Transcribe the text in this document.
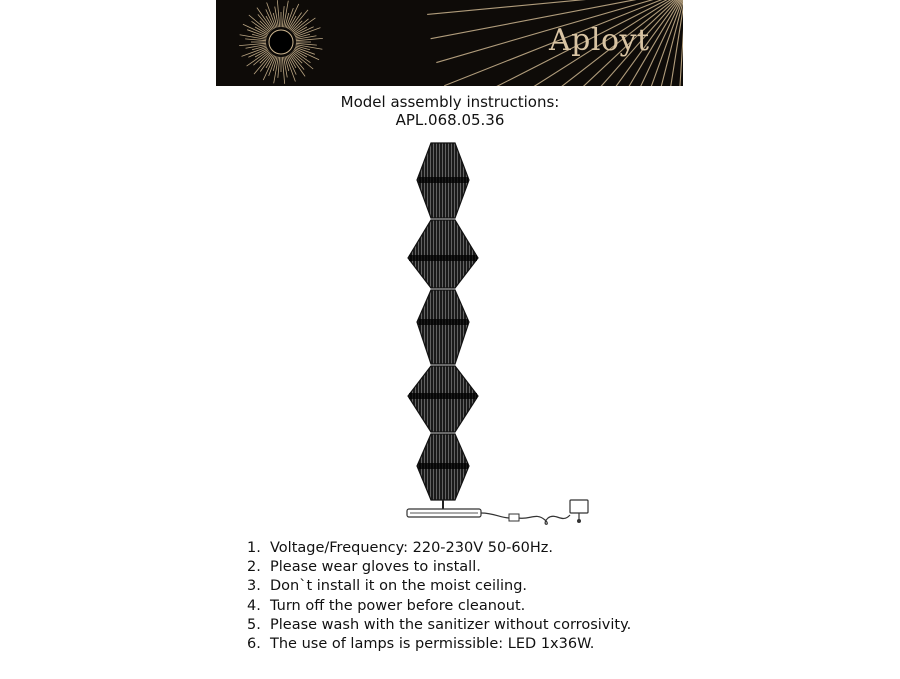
Aployt
Model assembly instructions:
APL.068.05.36
1. Voltage/Frequency: 220-230V 50-60Hz.
2. Please wear gloves to install.
3. Don`t install it on the moist ceiling.
4. Turn off the power before cleanout.
5. Please wash with the sanitizer without corrosivity.
6. The use of lamps is permissible: LED 1x36W.
